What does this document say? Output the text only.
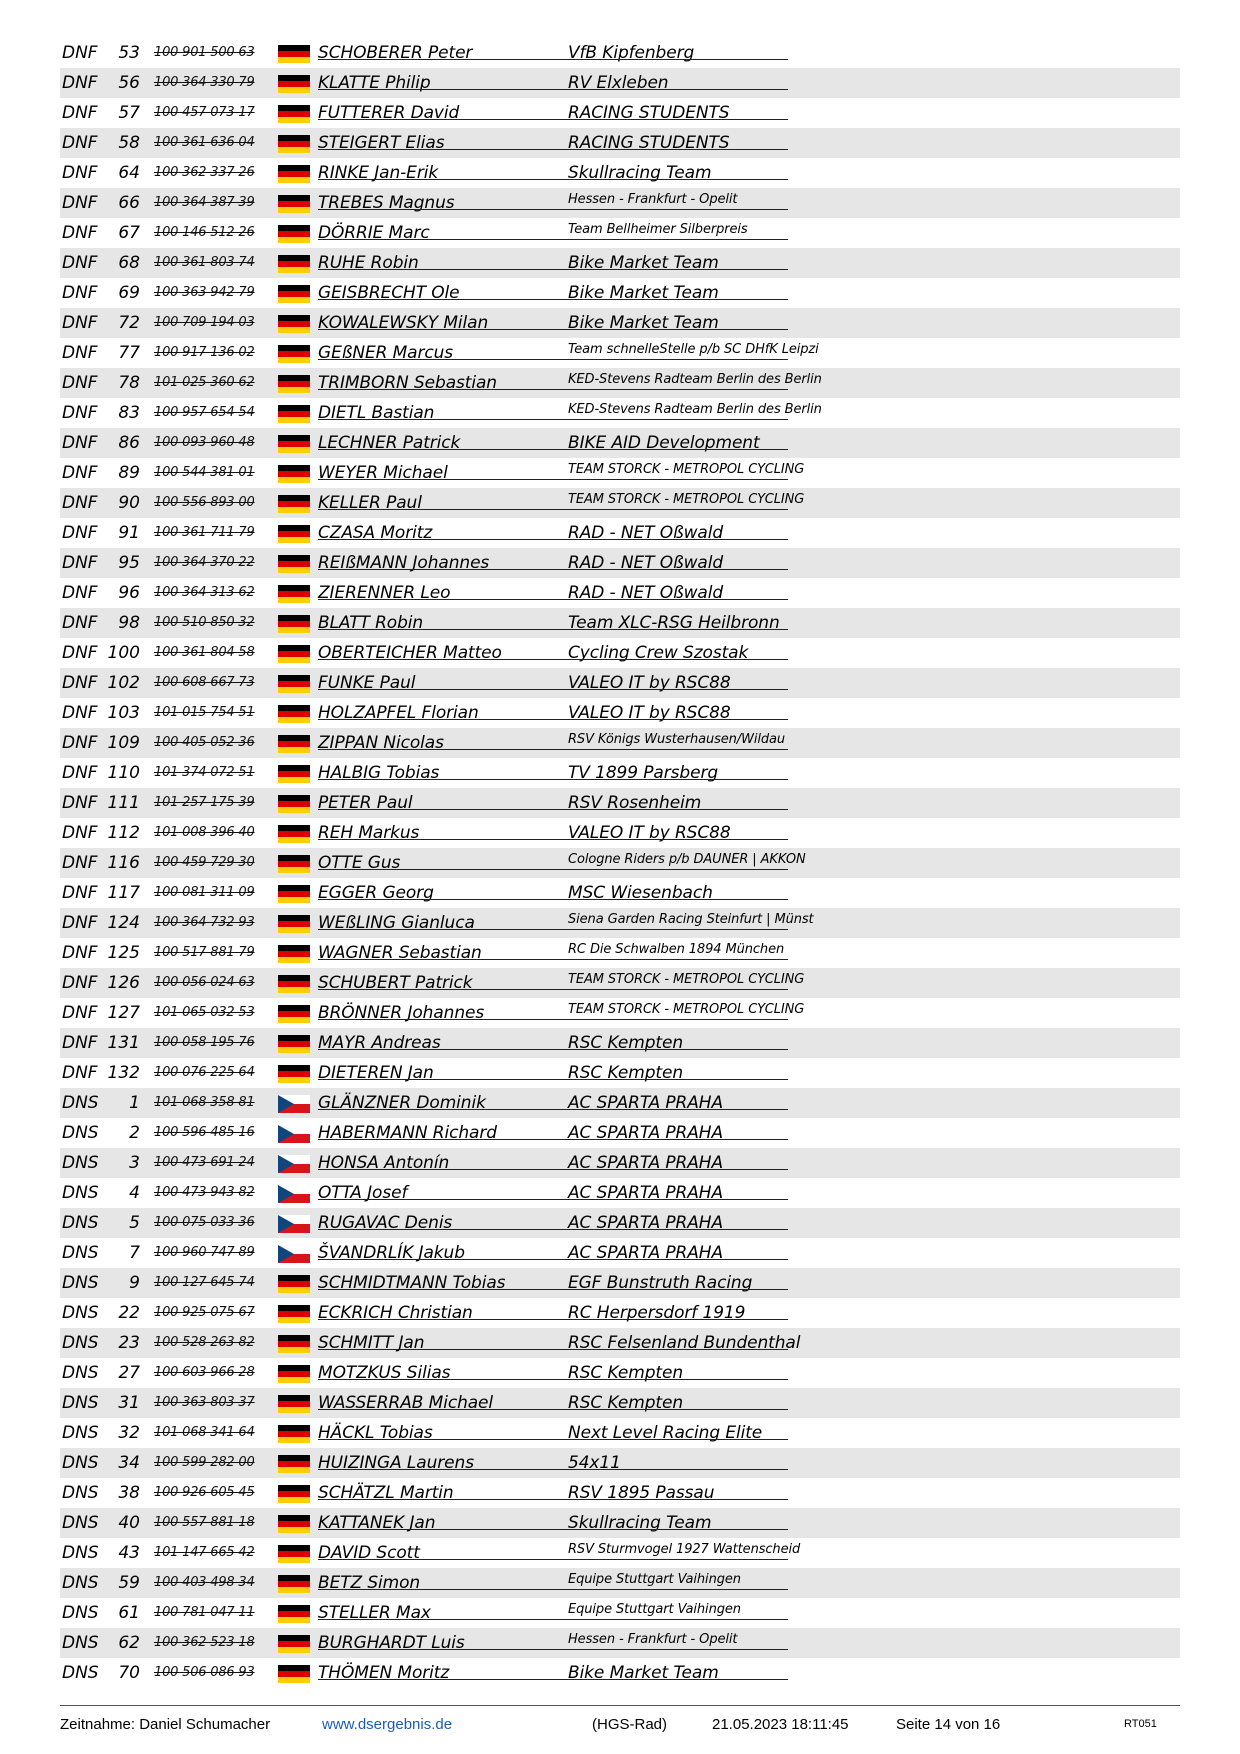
DNF	53 100 901 500 63	SCHOBERER Peter	VfB Kipfenberg
DNF	56 100 364 330 79	KLATTE Philip	RV Elxleben
DNF	57 100 457 073 17	FUTTERER David	RACING STUDENTS
DNF	58 100 361 636 04	STEIGERT Elias	RACING STUDENTS
DNF	64 100 362 337 26	RINKE Jan-Erik	Skullracing Team
DNF	66 100 364 387 39	TREBES Magnus	Hessen - Frankfurt - Opelit
DNF	67 100 146 512 26	DÖRRIE Marc	Team Bellheimer Silberpreis
DNF	68 100 361 803 74	RUHE Robin	Bike Market Team
DNF	69 100 363 942 79	GEISBRECHT Ole	Bike Market Team
DNF	72 100 709 194 03	KOWALEWSKY Milan	Bike Market Team
DNF	77 100 917 136 02	GEßNER Marcus	Team schnelleStelle p/b SC DHfK Leipzi
DNF	78 101 025 360 62	TRIMBORN Sebastian	KED-Stevens Radteam Berlin des Berlin
DNF	83 100 957 654 54	DIETL Bastian	KED-Stevens Radteam Berlin des Berlin
DNF	86 100 093 960 48	LECHNER Patrick	BIKE AID Development
DNF	89 100 544 381 01	WEYER Michael	TEAM STORCK - METROPOL CYCLING
DNF	90 100 556 893 00	KELLER Paul	TEAM STORCK - METROPOL CYCLING
DNF	91 100 361 711 79	CZASA Moritz	RAD - NET Oßwald
DNF	95 100 364 370 22	REIßMANN Johannes	RAD - NET Oßwald
DNF	96 100 364 313 62	ZIERENNER Leo	RAD - NET Oßwald
DNF	98 100 510 850 32	BLATT Robin	Team XLC-RSG Heilbronn
DNF 100 100 361 804 58	OBERTEICHER Matteo	Cycling Crew Szostak
DNF 102 100 608 667 73	FUNKE Paul	VALEO IT by RSC88
DNF 103 101 015 754 51	HOLZAPFEL Florian	VALEO IT by RSC88
DNF 109 100 405 052 36	ZIPPAN Nicolas	RSV Königs Wusterhausen/Wildau
DNF 110 101 374 072 51	HALBIG Tobias	TV 1899 Parsberg
DNF 111 101 257 175 39	PETER Paul	RSV Rosenheim
DNF 112 101 008 396 40	REH Markus	VALEO IT by RSC88
DNF 116 100 459 729 30	OTTE Gus	Cologne Riders p/b DAUNER | AKKON
DNF 117 100 081 311 09	EGGER Georg	MSC Wiesenbach
DNF 124 100 364 732 93	WEßLING Gianluca	Siena Garden Racing Steinfurt | Münst
DNF 125 100 517 881 79	WAGNER Sebastian	RC Die Schwalben 1894 München
DNF 126 100 056 024 63	SCHUBERT Patrick	TEAM STORCK - METROPOL CYCLING
DNF 127 101 065 032 53	BRÖNNER Johannes	TEAM STORCK - METROPOL CYCLING
DNF 131 100 058 195 76	MAYR Andreas	RSC Kempten
DNF 132 100 076 225 64	DIETEREN Jan	RSC Kempten
DNS	1 101 068 358 81	GLÄNZNER Dominik	AC SPARTA PRAHA
DNS	2 100 596 485 16	HABERMANN Richard	AC SPARTA PRAHA
DNS	3 100 473 691 24	HONSA Antonín	AC SPARTA PRAHA
DNS	4 100 473 943 82	OTTA Josef	AC SPARTA PRAHA
DNS	5 100 075 033 36	RUGAVAC Denis	AC SPARTA PRAHA
DNS	7 100 960 747 89	ŠVANDRLÍK Jakub	AC SPARTA PRAHA
DNS	9 100 127 645 74	SCHMIDTMANN Tobias	EGF Bunstruth Racing
DNS	22 100 925 075 67	ECKRICH Christian	RC Herpersdorf 1919
DNS	23 100 528 263 82	SCHMITT Jan	RSC Felsenland Bundenthal
DNS	27 100 603 966 28	MOTZKUS Silias	RSC Kempten
DNS	31 100 363 803 37	WASSERRAB Michael	RSC Kempten
DNS	32 101 068 341 64	HÄCKL Tobias	Next Level Racing Elite
DNS	34 100 599 282 00	HUIZINGA Laurens	54x11
DNS	38 100 926 605 45	SCHÄTZL Martin	RSV 1895 Passau
DNS	40 100 557 881 18	KATTANEK Jan	Skullracing Team
DNS	43 101 147 665 42	DAVID Scott	RSV Sturmvogel 1927 Wattenscheid
DNS	59 100 403 498 34	BETZ Simon	Equipe Stuttgart Vaihingen
DNS	61 100 781 047 11	STELLER Max	Equipe Stuttgart Vaihingen
DNS	62 100 362 523 18	BURGHARDT Luis	Hessen - Frankfurt - Opelit
DNS	70 100 506 086 93	THÖMEN Moritz	Bike Market Team
Zeitnahme: Daniel Schumacher	www.dsergebnis.de	(HGS-Rad)	21.05.2023 18:11:45	Seite 14 von 16	RT051
